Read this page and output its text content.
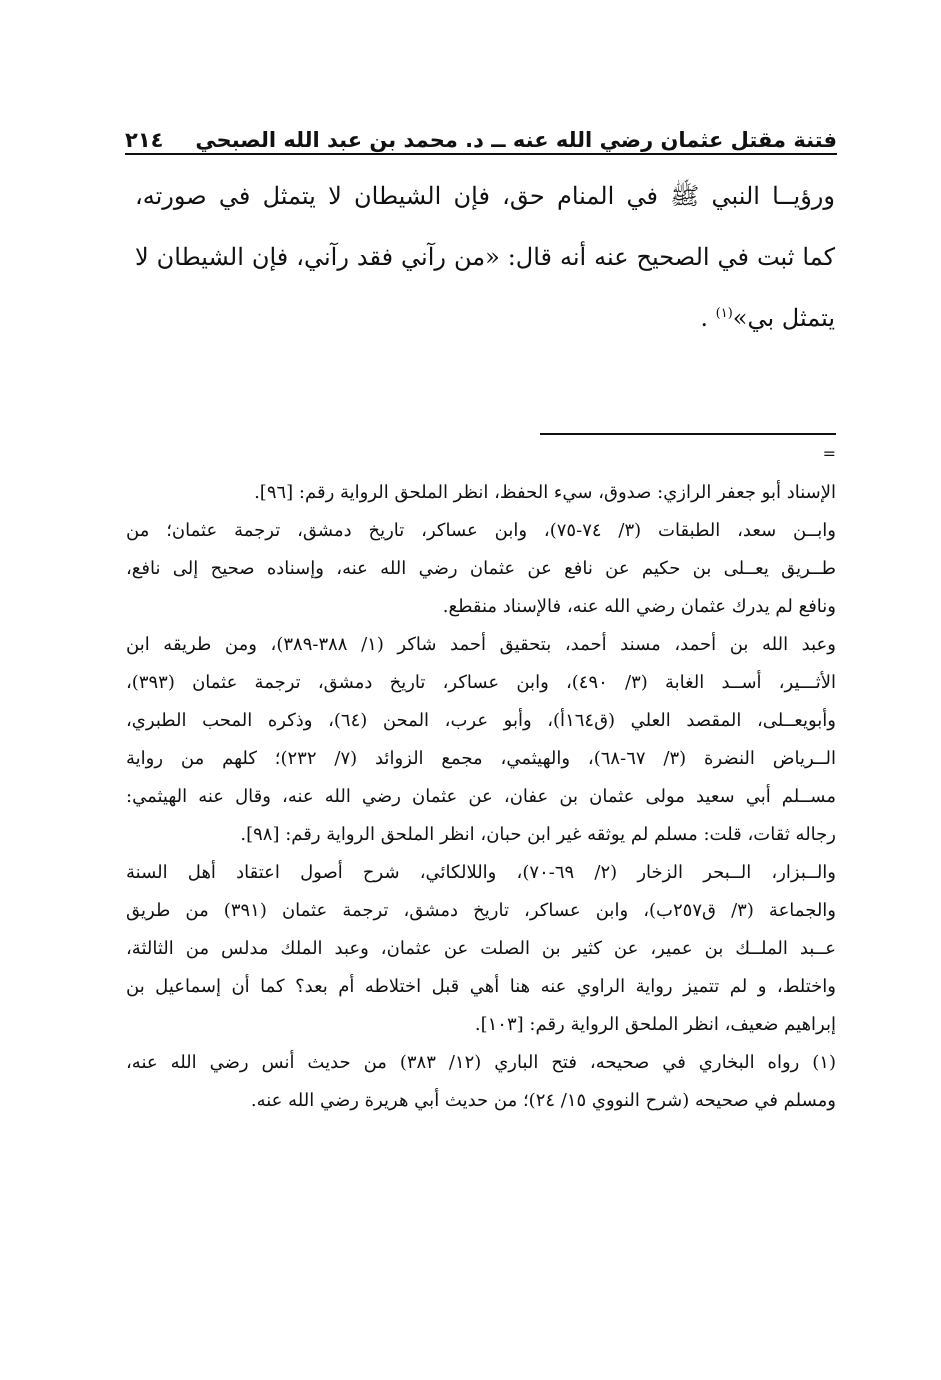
فتنة مقتل عثمان رضي الله عنه ــ د. محمد بن عبد الله الصبحي
٢١٤
ورؤيــا النبي ﷺ في المنام حق، فإن الشيطان لا يتمثل في صورته،
كما ثبت في الصحيح عنه أنه قال: «من رآني فقد رآني، فإن الشيطان لا
يتمثل بي»$^{(١)}$ .
=
الإسناد أبو جعفر الرازي: صدوق، سيء الحفظ، انظر الملحق الرواية رقم: [٩٦].
وابــن سعد، الطبقات (٣/ ٧٤-٧٥)، وابن عساكر، تاريخ دمشق، ترجمة عثمان؛ من
طــريق يعــلى بن حكيم عن نافع عن عثمان رضي الله عنه، وإسناده صحيح إلى نافع،
ونافع لم يدرك عثمان رضي الله عنه، فالإسناد منقطع.
وعبد الله بن أحمد، مسند أحمد، بتحقيق أحمد شاكر (١/ ٣٨٨-٣٨٩)، ومن طريقه ابن
الأثـــير، أســد الغابة (٣/ ٤٩٠)، وابن عساكر، تاريخ دمشق، ترجمة عثمان (٣٩٣)،
وأبويعــلى، المقصد العلي (ق١٦٤أ)، وأبو عرب، المحن (٦٤)، وذكره المحب الطبري،
الــرياض النضرة (٣/ ٦٧-٦٨)، والهيثمي، مجمع الزوائد (٧/ ٢٣٢)؛ كلهم من رواية
مســلم أبي سعيد مولى عثمان بن عفان، عن عثمان رضي الله عنه، وقال عنه الهيثمي:
رجاله ثقات، قلت: مسلم لم يوثقه غير ابن حبان، انظر الملحق الرواية رقم: [٩٨].
والــبزار، الــبحر الزخار (٢/ ٦٩-٧٠)، واللالكائي، شرح أصول اعتقاد أهل السنة
والجماعة (٣/ ق٢٥٧ب)، وابن عساكر، تاريخ دمشق، ترجمة عثمان (٣٩١) من طريق
عــبد الملــك بن عمير، عن كثير بن الصلت عن عثمان، وعبد الملك مدلس من الثالثة،
واختلط، و لم تتميز رواية الراوي عنه هنا أهي قبل اختلاطه أم بعد؟ كما أن إسماعيل بن
إبراهيم ضعيف، انظر الملحق الرواية رقم: [١٠٣].
(١) رواه البخاري في صحيحه، فتح الباري (١٢/ ٣٨٣) من حديث أنس رضي الله عنه،
ومسلم في صحيحه (شرح النووي ١٥/ ٢٤)؛ من حديث أبي هريرة رضي الله عنه.
